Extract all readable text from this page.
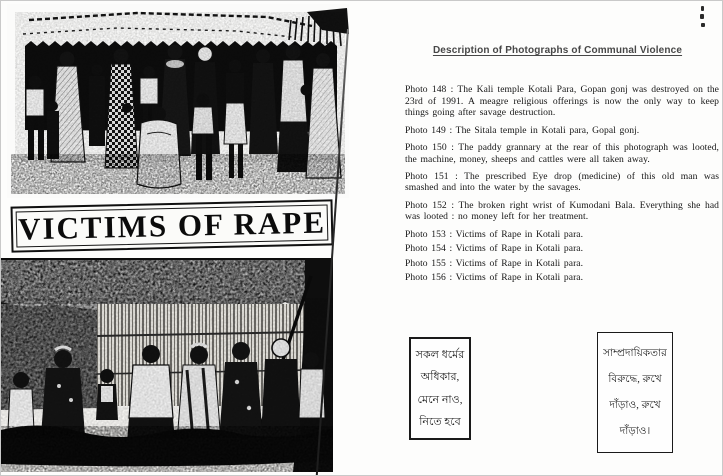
VICTIMS OF RAPE
Description of Photographs of Communal Violence

Photo 148 : The Kali temple Kotali Para, Gopan gonj was destroyed on the 23rd of 1991. A meagre religious offerings is now the only way to keep things going after savage destruction.

Photo 149 : The Sitala temple in Kotali para, Gopal gonj.

Photo 150 : The paddy grannary at the rear of this photograph was looted, the machine, money, sheeps and cattles were all taken away.

Photo 151 : The prescribed Eye drop (medicine) of this old man was smashed and into the water by the savages.

Photo 152 : The broken right wrist of Kumodani Bala. Everything she had was looted : no money left for her treatment.

Photo 153 : Victims of Rape in Kotali para.

Photo 154 : Victims of Rape in Kotali para.

Photo 155 : Victims of Rape in Kotali para.

Photo 156 : Victims of Rape in Kotali para.

সকল ধর্মের
অধিকার,
মেনে নাও,
নিতে হবে
সাম্প্রদায়িকতার
বিরুদ্ধে, রুখে
দাঁড়াও, রুখে
দাঁড়াও।
